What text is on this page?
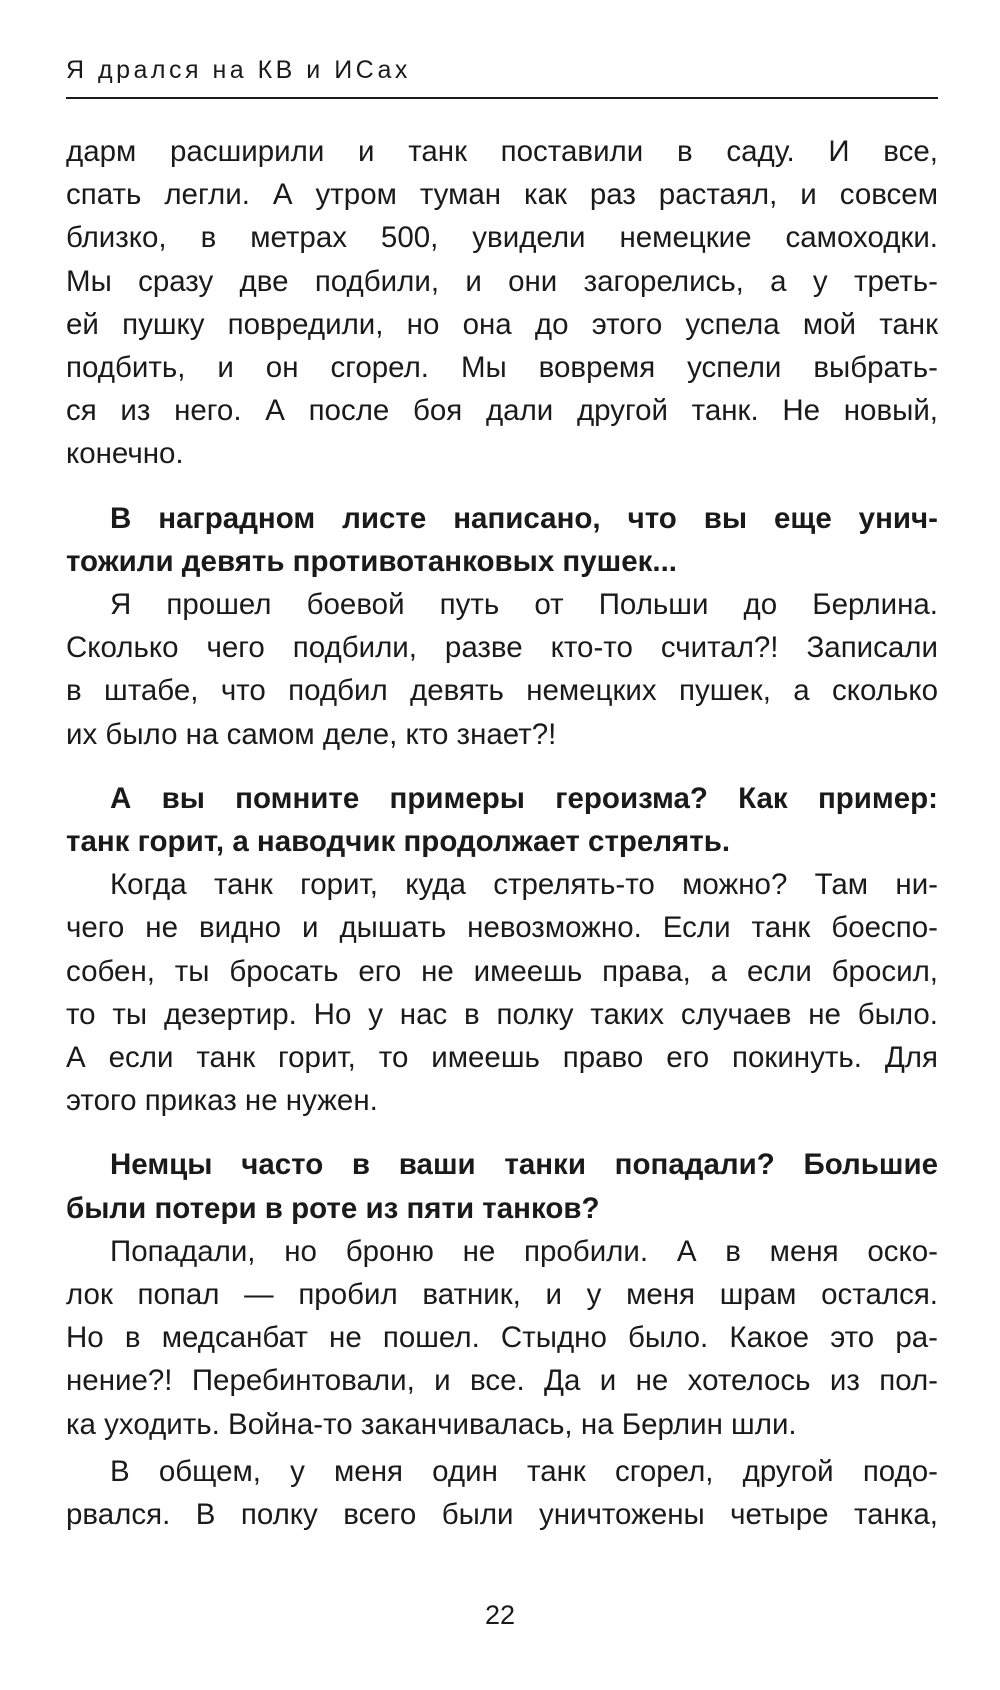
Я дрался на КВ и ИСах

дарм расширили и танк поставили в саду. И все,
спать легли. А утром туман как раз растаял, и совсем
близко, в метрах 500, увидели немецкие самоходки.
Мы сразу две подбили, и они загорелись, а у треть-
ей пушку повредили, но она до этого успела мой танк
подбить, и он сгорел. Мы вовремя успели выбрать-
ся из него. А после боя дали другой танк. Не новый,
конечно.

В наградном листе написано, что вы еще унич-
тожили девять противотанковых пушек...

Я прошел боевой путь от Польши до Берлина.
Сколько чего подбили, разве кто-то считал?! Записали
в штабе, что подбил девять немецких пушек, а сколько
их было на самом деле, кто знает?!

А вы помните примеры героизма? Как пример:
танк горит, а наводчик продолжает стрелять.

Когда танк горит, куда стрелять-то можно? Там ни-
чего не видно и дышать невозможно. Если танк боеспо-
собен, ты бросать его не имеешь права, а если бросил,
то ты дезертир. Но у нас в полку таких случаев не было.
А если танк горит, то имеешь право его покинуть. Для
этого приказ не нужен.

Немцы часто в ваши танки попадали? Большие
были потери в роте из пяти танков?

Попадали, но броню не пробили. А в меня оско-
лок попал — пробил ватник, и у меня шрам остался.
Но в медсанбат не пошел. Стыдно было. Какое это ра-
нение?! Перебинтовали, и все. Да и не хотелось из пол-
ка уходить. Война-то заканчивалась, на Берлин шли.

В общем, у меня один танк сгорел, другой подо-
рвался. В полку всего были уничтожены четыре танка,

22
